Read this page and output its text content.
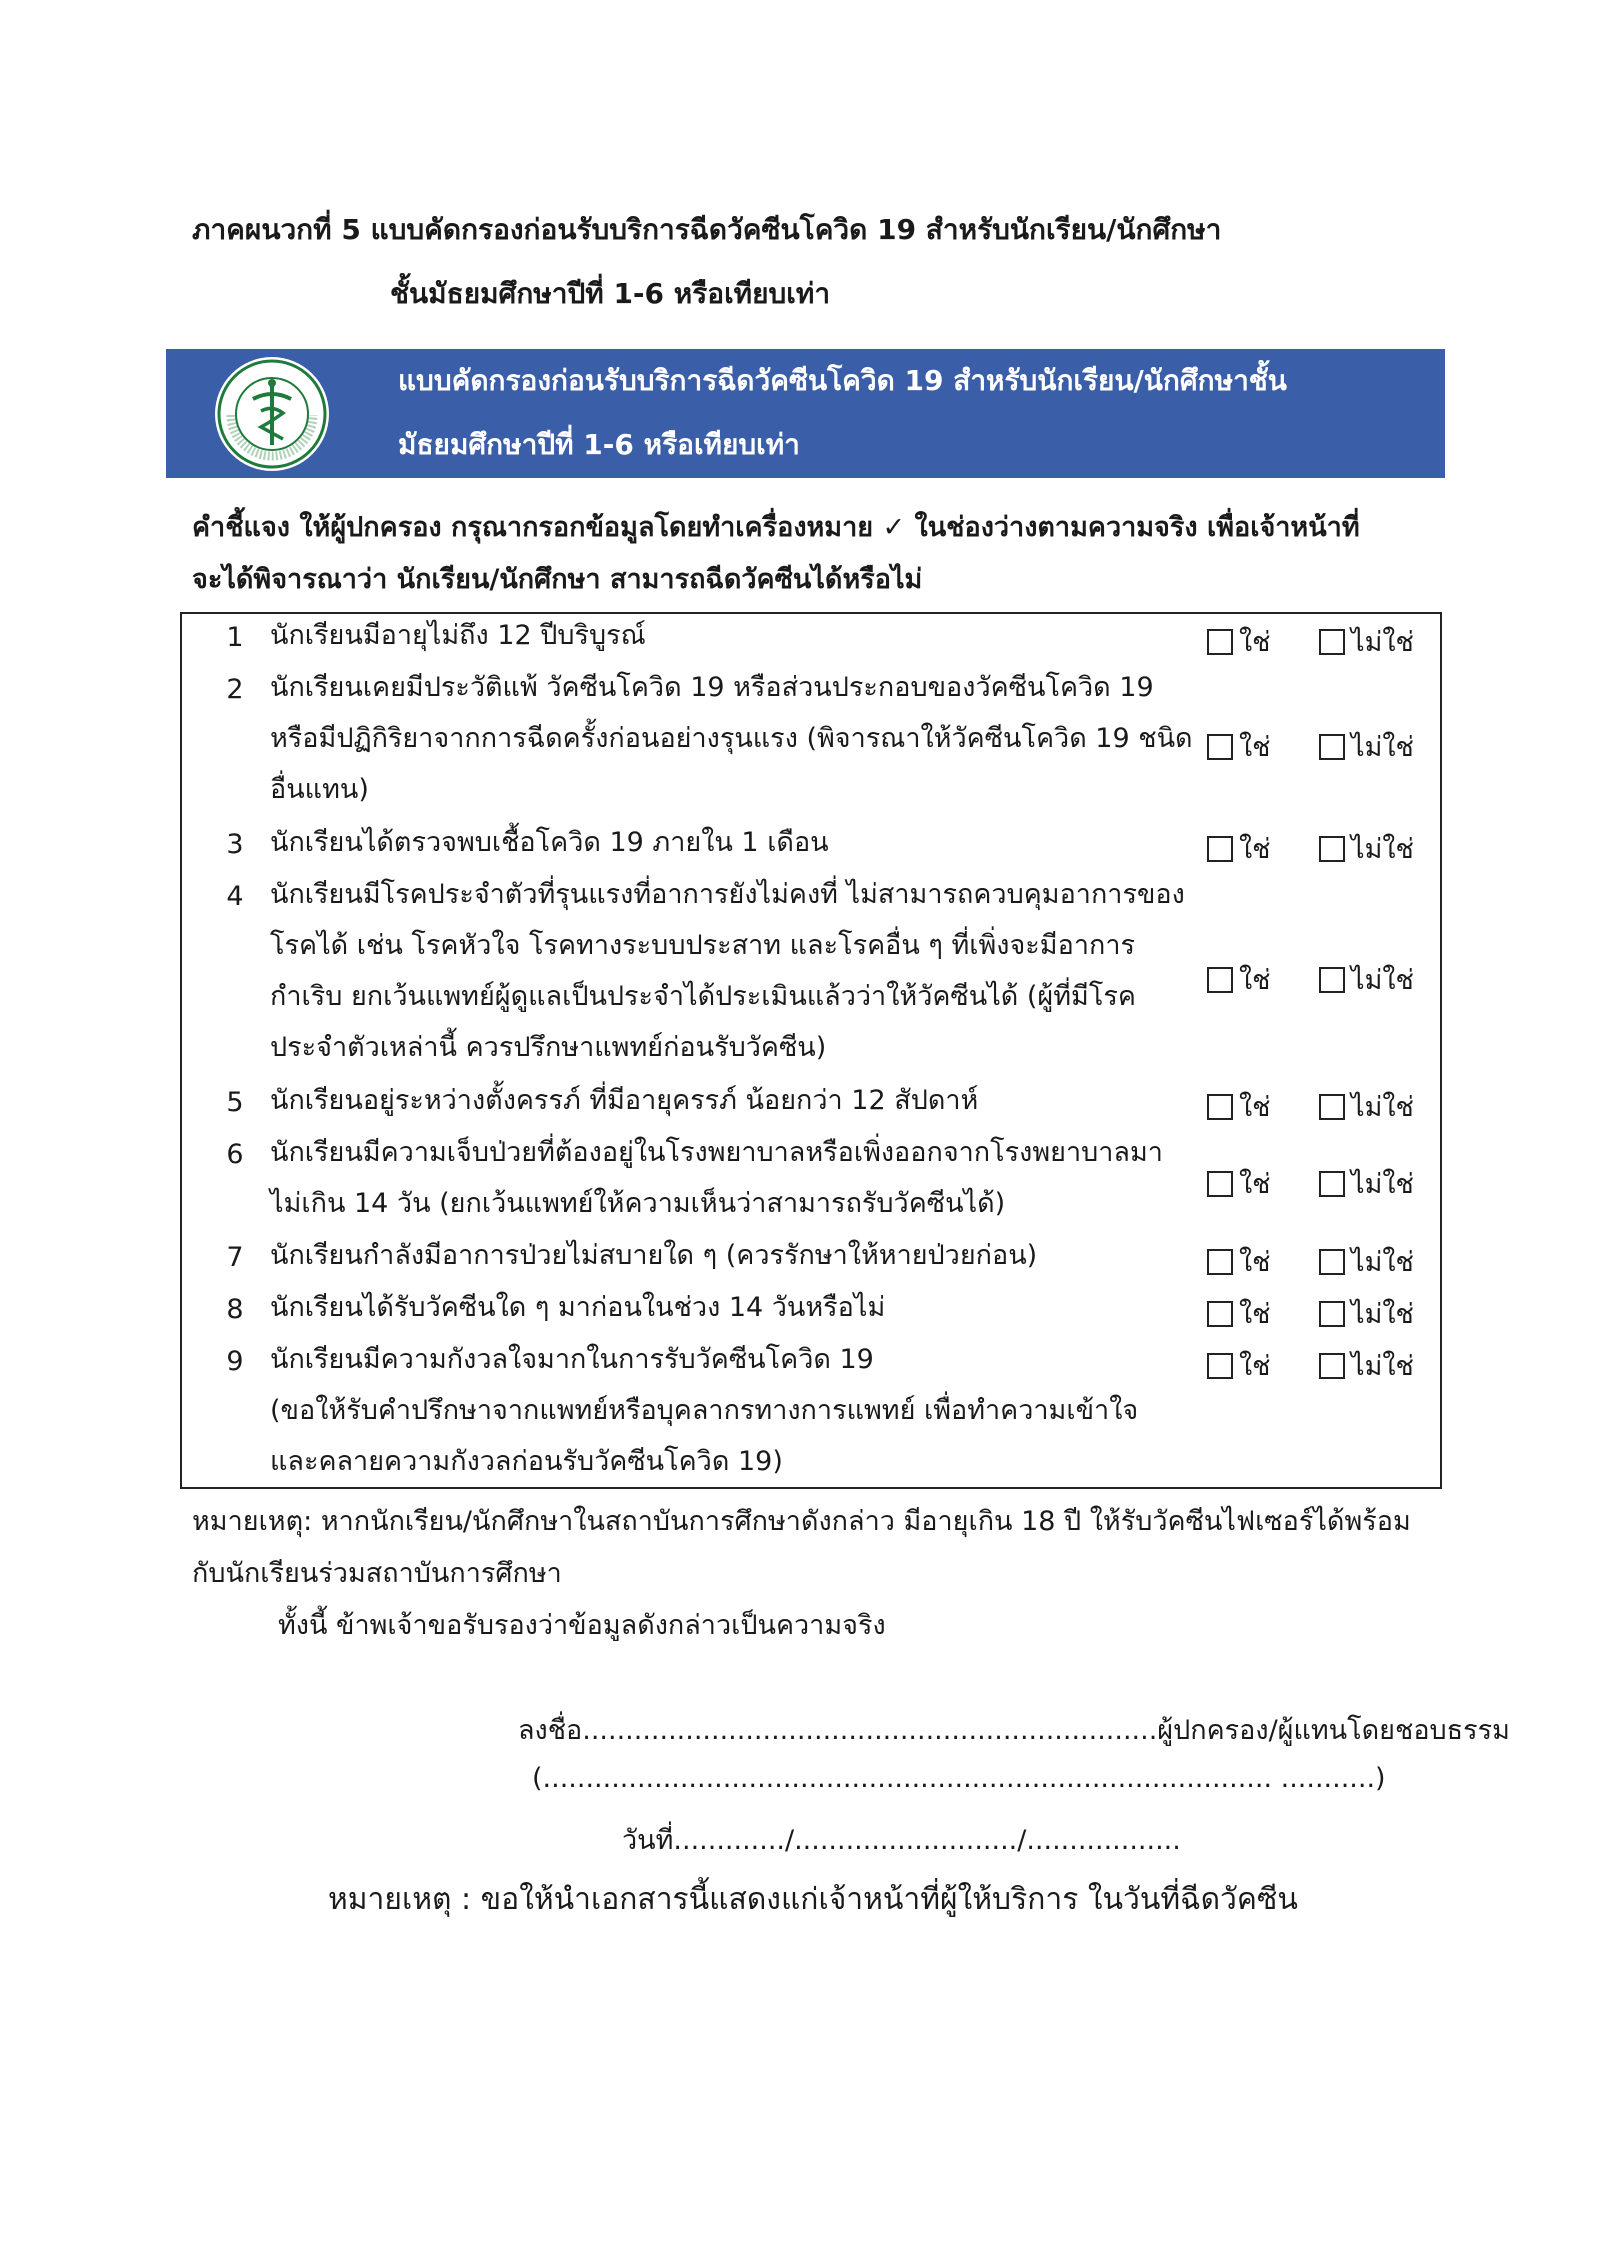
ภาคผนวกที่ 5 แบบคัดกรองก่อนรับบริการฉีดวัคซีนโควิด 19 สำหรับนักเรียน/นักศึกษา
ชั้นมัธยมศึกษาปีที่ 1-6 หรือเทียบเท่า
แบบคัดกรองก่อนรับบริการฉีดวัคซีนโควิด 19 สำหรับนักเรียน/นักศึกษาชั้น
มัธยมศึกษาปีที่ 1-6 หรือเทียบเท่า
คำชี้แจง ให้ผู้ปกครอง กรุณากรอกข้อมูลโดยทำเครื่องหมาย ✓ ในช่องว่างตามความจริง เพื่อเจ้าหน้าที่
จะได้พิจารณาว่า นักเรียน/นักศึกษา สามารถฉีดวัคซีนได้หรือไม่
1 นักเรียนมีอายุไม่ถึง 12 ปีบริบูรณ์	ใช่	ไม่ใช่
2 นักเรียนเคยมีประวัติแพ้ วัคซีนโควิด 19 หรือส่วนประกอบของวัคซีนโควิด 19
หรือมีปฏิกิริยาจากการฉีดครั้งก่อนอย่างรุนแรง (พิจารณาให้วัคซีนโควิด 19 ชนิด
อื่นแทน)
ใช่	ไม่ใช่
3 นักเรียนได้ตรวจพบเชื้อโควิด 19 ภายใน 1 เดือน	ใช่	ไม่ใช่
4 นักเรียนมีโรคประจำตัวที่รุนแรงที่อาการยังไม่คงที่ ไม่สามารถควบคุมอาการของ
โรคได้ เช่น โรคหัวใจ โรคทางระบบประสาท และโรคอื่น ๆ ที่เพิ่งจะมีอาการ
กำเริบ ยกเว้นแพทย์ผู้ดูแลเป็นประจำได้ประเมินแล้วว่าให้วัคซีนได้ (ผู้ที่มีโรค
ประจำตัวเหล่านี้ ควรปรึกษาแพทย์ก่อนรับวัคซีน)
ใช่	ไม่ใช่
5 นักเรียนอยู่ระหว่างตั้งครรภ์ ที่มีอายุครรภ์ น้อยกว่า 12 สัปดาห์	ใช่	ไม่ใช่
6 นักเรียนมีความเจ็บป่วยที่ต้องอยู่ในโรงพยาบาลหรือเพิ่งออกจากโรงพยาบาลมา
ไม่เกิน 14 วัน (ยกเว้นแพทย์ให้ความเห็นว่าสามารถรับวัคซีนได้)
ใช่	ไม่ใช่
7 นักเรียนกำลังมีอาการป่วยไม่สบายใด ๆ (ควรรักษาให้หายป่วยก่อน)	ใช่	ไม่ใช่
8 นักเรียนได้รับวัคซีนใด ๆ มาก่อนในช่วง 14 วันหรือไม่	ใช่	ไม่ใช่
9 นักเรียนมีความกังวลใจมากในการรับวัคซีนโควิด 19
(ขอให้รับคำปรึกษาจากแพทย์หรือบุคลากรทางการแพทย์ เพื่อทำความเข้าใจ
และคลายความกังวลก่อนรับวัคซีนโควิด 19)
ใช่	ไม่ใช่
หมายเหตุ: หากนักเรียน/นักศึกษาในสถาบันการศึกษาดังกล่าว มีอายุเกิน 18 ปี ให้รับวัคซีนไฟเซอร์ได้พร้อม
กับนักเรียนร่วมสถาบันการศึกษา
ทั้งนี้ ข้าพเจ้าขอรับรองว่าข้อมูลดังกล่าวเป็นความจริง
ลงชื่อ...................................................................ผู้ปกครอง/ผู้แทนโดยชอบธรรม
(..................................................................................... ...........)
วันที่............./........................../..................
หมายเหตุ : ขอให้นำเอกสารนี้แสดงแก่เจ้าหน้าที่ผู้ให้บริการ ในวันที่ฉีดวัคซีน
